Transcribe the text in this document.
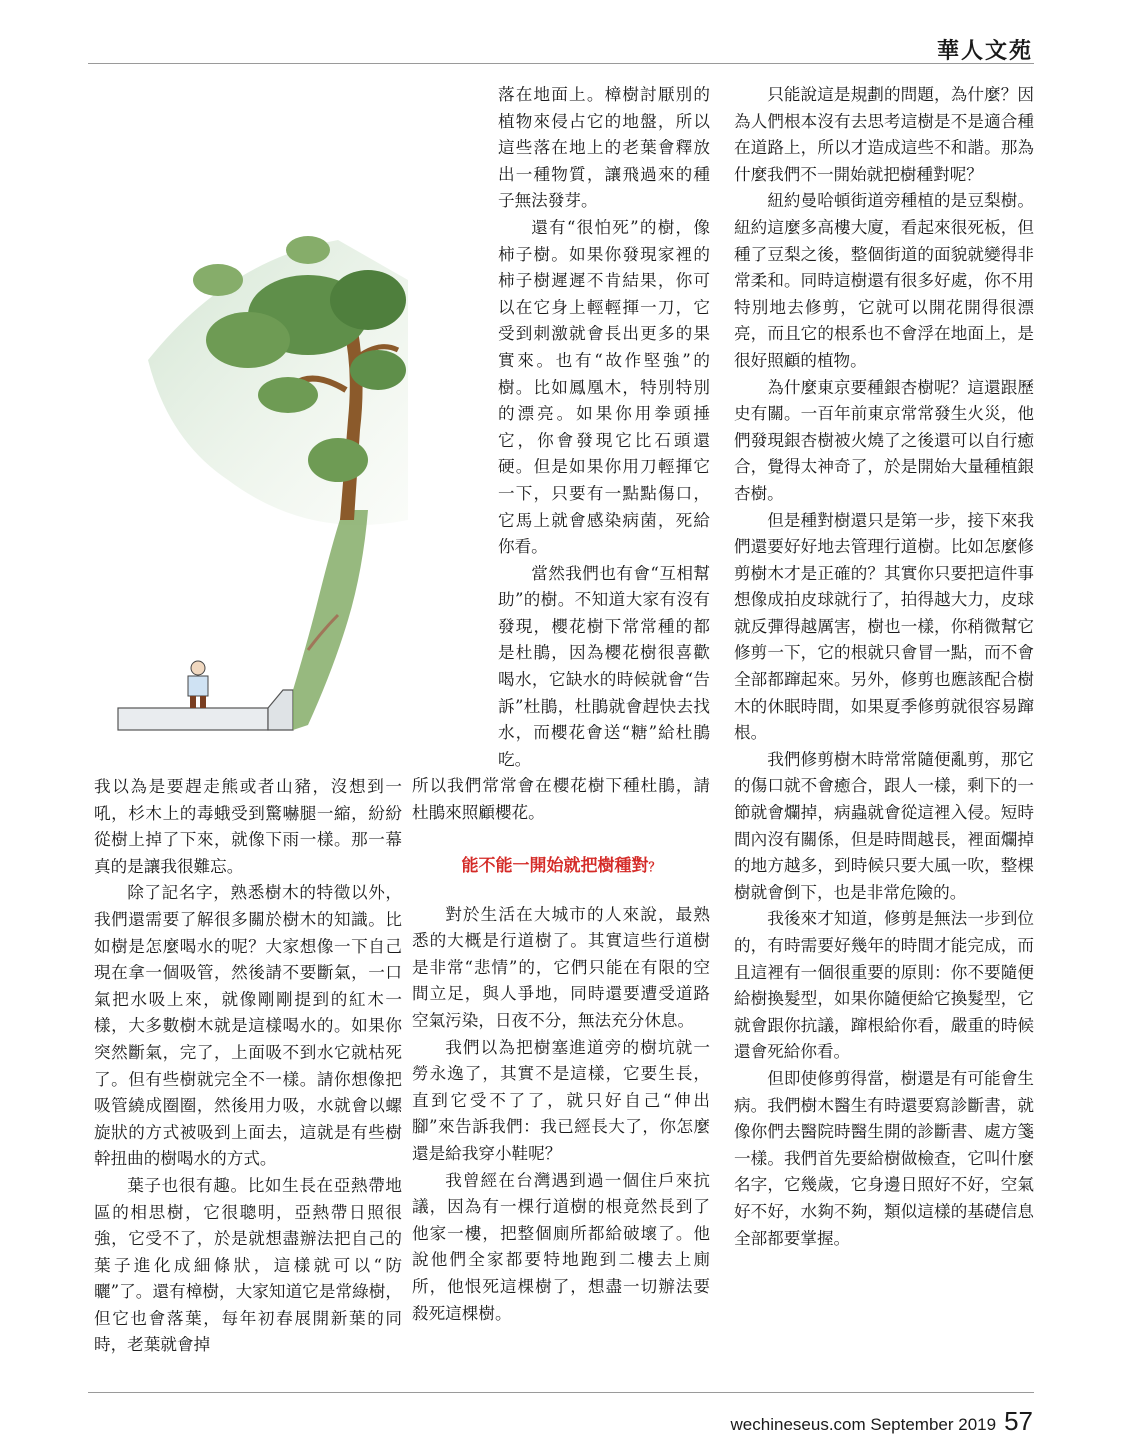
華人文苑

我以為是要趕走熊或者山豬，沒想到一吼，杉木上的毒蛾受到驚嚇腿一縮，紛紛從樹上掉了下來，就像下雨一樣。那一幕真的是讓我很難忘。

除了記名字，熟悉樹木的特徵以外，我們還需要了解很多關於樹木的知識。比如樹是怎麼喝水的呢？大家想像一下自己現在拿一個吸管，然後請不要斷氣，一口氣把水吸上來，就像剛剛提到的紅木一樣，大多數樹木就是這樣喝水的。如果你突然斷氣，完了，上面吸不到水它就枯死了。但有些樹就完全不一樣。請你想像把吸管繞成圈圈，然後用力吸，水就會以螺旋狀的方式被吸到上面去，這就是有些樹幹扭曲的樹喝水的方式。

葉子也很有趣。比如生長在亞熱帶地區的相思樹，它很聰明，亞熱帶日照很強，它受不了，於是就想盡辦法把自己的葉子進化成細條狀，這樣就可以“防曬”了。還有樟樹，大家知道它是常綠樹，但它也會落葉，每年初春展開新葉的同時，老葉就會掉

落在地面上。樟樹討厭別的植物來侵占它的地盤，所以這些落在地上的老葉會釋放出一種物質，讓飛過來的種子無法發芽。

還有“很怕死”的樹，像柿子樹。如果你發現家裡的柿子樹遲遲不肯結果，你可以在它身上輕輕揮一刀，它受到刺激就會長出更多的果實來。也有“故作堅強”的樹。比如鳳凰木，特別特別的漂亮。如果你用拳頭捶它，你會發現它比石頭還硬。但是如果你用刀輕揮它一下，只要有一點點傷口，它馬上就會感染病菌，死給你看。

當然我們也有會“互相幫助”的樹。不知道大家有沒有發現，櫻花樹下常常種的都是杜鵑，因為櫻花樹很喜歡喝水，它缺水的時候就會“告訴”杜鵑，杜鵑就會趕快去找水，而櫻花會送“糖”給杜鵑吃。

所以我們常常會在櫻花樹下種杜鵑，請杜鵑來照顧櫻花。

能不能一開始就把樹種對？

對於生活在大城市的人來說，最熟悉的大概是行道樹了。其實這些行道樹是非常“悲情”的，它們只能在有限的空間立足，與人爭地，同時還要遭受道路空氣污染，日夜不分，無法充分休息。

我們以為把樹塞進道旁的樹坑就一勞永逸了，其實不是這樣，它要生長，直到它受不了了，就只好自己“伸出腳”來告訴我們：我已經長大了，你怎麼還是給我穿小鞋呢？

我曾經在台灣遇到過一個住戶來抗議，因為有一棵行道樹的根竟然長到了他家一樓，把整個廁所都給破壞了。他說他們全家都要特地跑到二樓去上廁所，他恨死這棵樹了，想盡一切辦法要殺死這棵樹。

只能說這是規劃的問題，為什麼？因為人們根本沒有去思考這樹是不是適合種在道路上，所以才造成這些不和諧。那為什麼我們不一開始就把樹種對呢？

紐約曼哈頓街道旁種植的是豆梨樹。紐約這麼多高樓大廈，看起來很死板，但種了豆梨之後，整個街道的面貌就變得非常柔和。同時這樹還有很多好處，你不用特別地去修剪，它就可以開花開得很漂亮，而且它的根系也不會浮在地面上，是很好照顧的植物。

為什麼東京要種銀杏樹呢？這還跟歷史有關。一百年前東京常常發生火災，他們發現銀杏樹被火燒了之後還可以自行癒合，覺得太神奇了，於是開始大量種植銀杏樹。

但是種對樹還只是第一步，接下來我們還要好好地去管理行道樹。比如怎麼修剪樹木才是正確的？其實你只要把這件事想像成拍皮球就行了，拍得越大力，皮球就反彈得越厲害，樹也一樣，你稍微幫它修剪一下，它的根就只會冒一點，而不會全部都蹿起來。另外，修剪也應該配合樹木的休眠時間，如果夏季修剪就很容易蹿根。

我們修剪樹木時常常隨便亂剪，那它的傷口就不會癒合，跟人一樣，剩下的一節就會爛掉，病蟲就會從這裡入侵。短時間內沒有關係，但是時間越長，裡面爛掉的地方越多，到時候只要大風一吹，整棵樹就會倒下，也是非常危險的。

我後來才知道，修剪是無法一步到位的，有時需要好幾年的時間才能完成，而且這裡有一個很重要的原則：你不要隨便給樹換髮型，如果你隨便給它換髮型，它就會跟你抗議，蹿根給你看，嚴重的時候還會死給你看。

但即使修剪得當，樹還是有可能會生病。我們樹木醫生有時還要寫診斷書，就像你們去醫院時醫生開的診斷書、處方箋一樣。我們首先要給樹做檢查，它叫什麼名字，它幾歲，它身邊日照好不好，空氣好不好，水夠不夠，類似這樣的基礎信息全部都要掌握。

wechineseus.com September 2019 57
